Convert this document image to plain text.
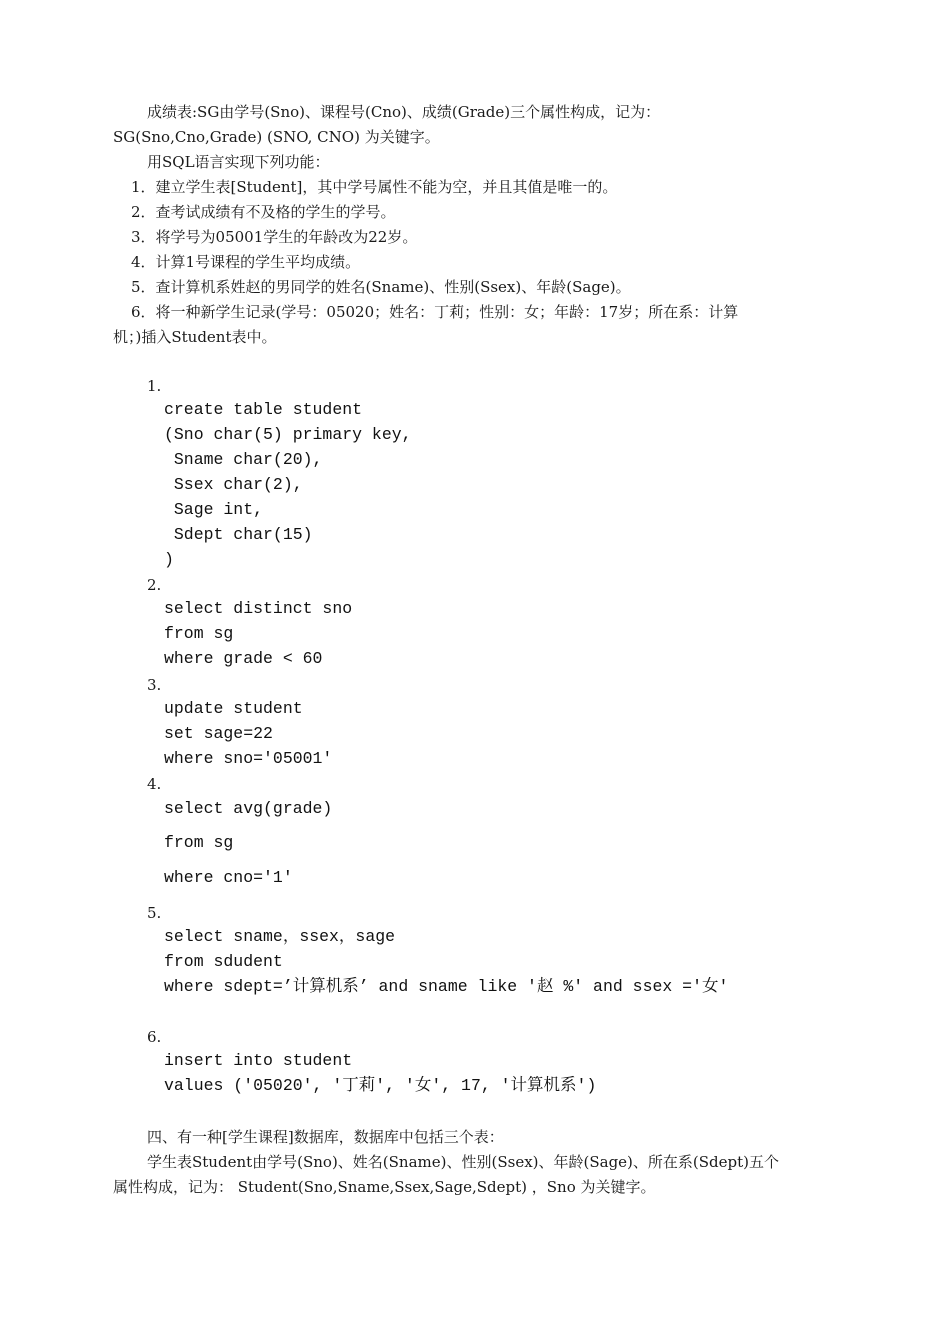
成绩表:SG由学号(Sno)、课程号(Cno)、成绩(Grade)三个属性构成，记为：
SG(Sno,Cno,Grade) (SNO, CNO) 为关键字。
用SQL语言实现下列功能：
1．建立学生表[Student]，其中学号属性不能为空，并且其值是唯一的。
2．查考试成绩有不及格的学生的学号。
3．将学号为05001学生的年龄改为22岁。
4．计算1号课程的学生平均成绩。
5．查计算机系姓赵的男同学的姓名(Sname)、性别(Ssex)、年龄(Sage)。
6．将一种新学生记录(学号：05020；姓名：丁莉；性别：女；年龄：17岁；所在系：计算
机；)插入Student表中。
1.
create table student
(Sno char(5) primary key,
Sname char(20),
Ssex char(2),
Sage int,
Sdept char(15)
)
2.
select distinct sno
from sg
where grade < 60
3.
update student
set sage=22
where sno='05001'
4.
select avg(grade)
from sg
where cno='1'
5.
select sname，ssex，sage
from sdudent
where sdept=’计算机系’ and sname like '赵 %' and ssex ='女'
6.
insert into student
values ('05020', '丁莉', '女', 17, '计算机系')
四、有一种[学生课程]数据库，数据库中包括三个表：
学生表Student由学号(Sno)、姓名(Sname)、性别(Ssex)、年龄(Sage)、所在系(Sdept)五个
属性构成，记为： Student(Sno,Sname,Ssex,Sage,Sdept) ，Sno 为关键字。
